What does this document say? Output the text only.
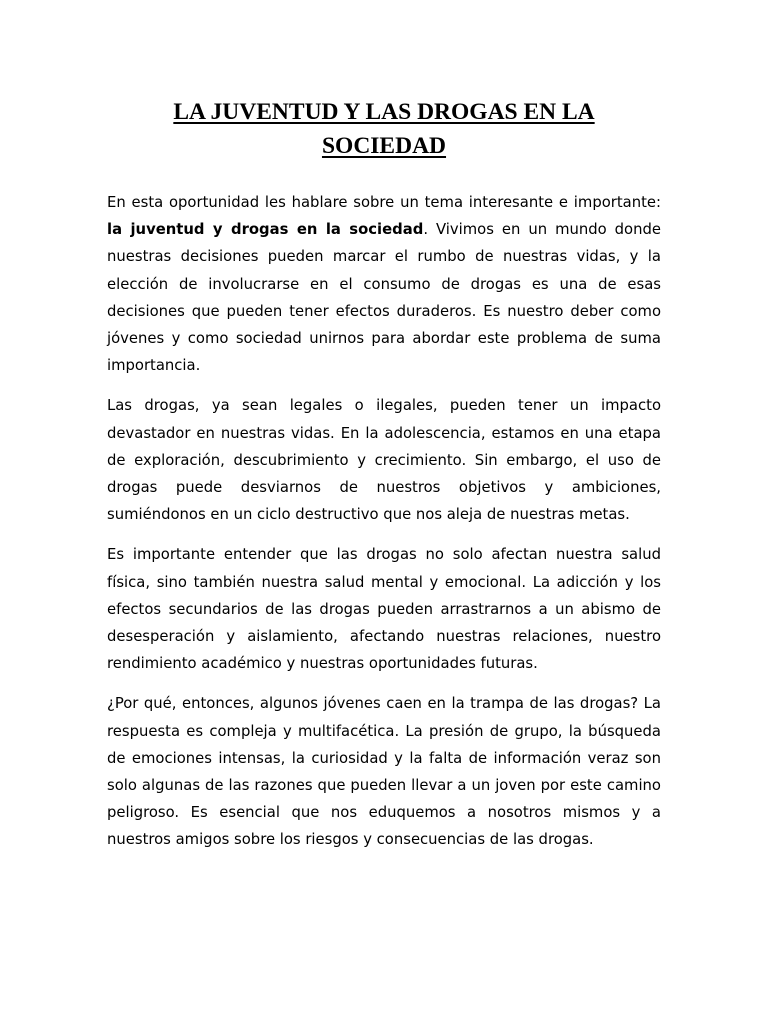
LA JUVENTUD Y LAS DROGAS EN LA
SOCIEDAD

En esta oportunidad les hablare sobre un tema interesante e importante: la juventud y drogas en la sociedad. Vivimos en un mundo donde nuestras decisiones pueden marcar el rumbo de nuestras vidas, y la elección de involucrarse en el consumo de drogas es una de esas decisiones que pueden tener efectos duraderos. Es nuestro deber como jóvenes y como sociedad unirnos para abordar este problema de suma importancia.

Las drogas, ya sean legales o ilegales, pueden tener un impacto devastador en nuestras vidas. En la adolescencia, estamos en una etapa de exploración, descubrimiento y crecimiento. Sin embargo, el uso de drogas puede desviarnos de nuestros objetivos y ambiciones, sumiéndonos en un ciclo destructivo que nos aleja de nuestras metas.

Es importante entender que las drogas no solo afectan nuestra salud física, sino también nuestra salud mental y emocional. La adicción y los efectos secundarios de las drogas pueden arrastrarnos a un abismo de desesperación y aislamiento, afectando nuestras relaciones, nuestro rendimiento académico y nuestras oportunidades futuras.

¿Por qué, entonces, algunos jóvenes caen en la trampa de las drogas? La respuesta es compleja y multifacética. La presión de grupo, la búsqueda de emociones intensas, la curiosidad y la falta de información veraz son solo algunas de las razones que pueden llevar a un joven por este camino peligroso. Es esencial que nos eduquemos a nosotros mismos y a nuestros amigos sobre los riesgos y consecuencias de las drogas.
